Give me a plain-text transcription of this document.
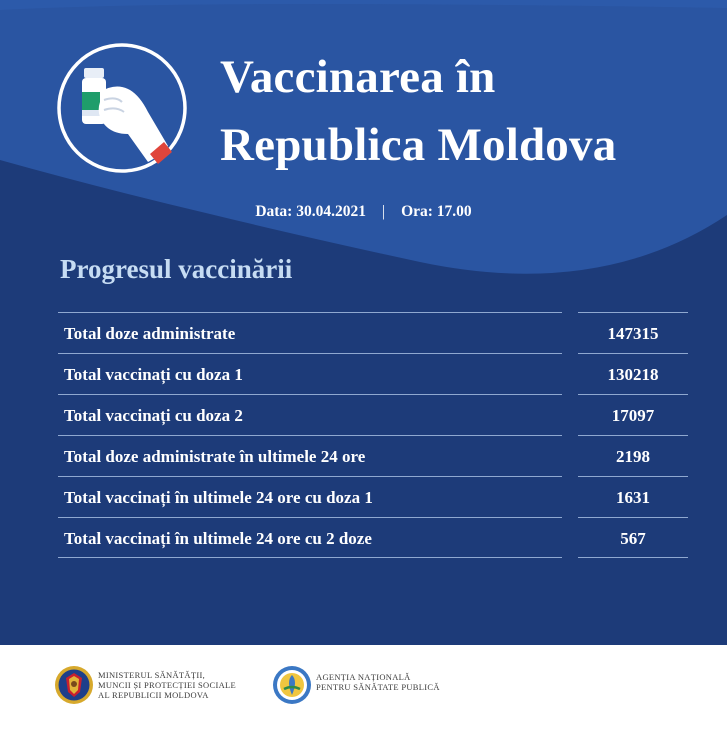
Vaccinarea în
Republica Moldova
Data: 30.04.2021 | Ora: 17.00
Progresul vaccinării
Total doze administrate	147315
Total vaccinați cu doza 1	130218
Total vaccinați cu doza 2	17097
Total doze administrate în ultimele 24 ore	2198
Total vaccinați în ultimele 24 ore cu doza 1	1631
Total vaccinați în ultimele 24 ore cu 2 doze	567
MINISTERUL SĂNĂTĂȚII,
MUNCII ȘI PROTECȚIEI SOCIALE
AL REPUBLICII MOLDOVA
AGENȚIA NAȚIONALĂ
PENTRU SĂNĂTATE PUBLICĂ
